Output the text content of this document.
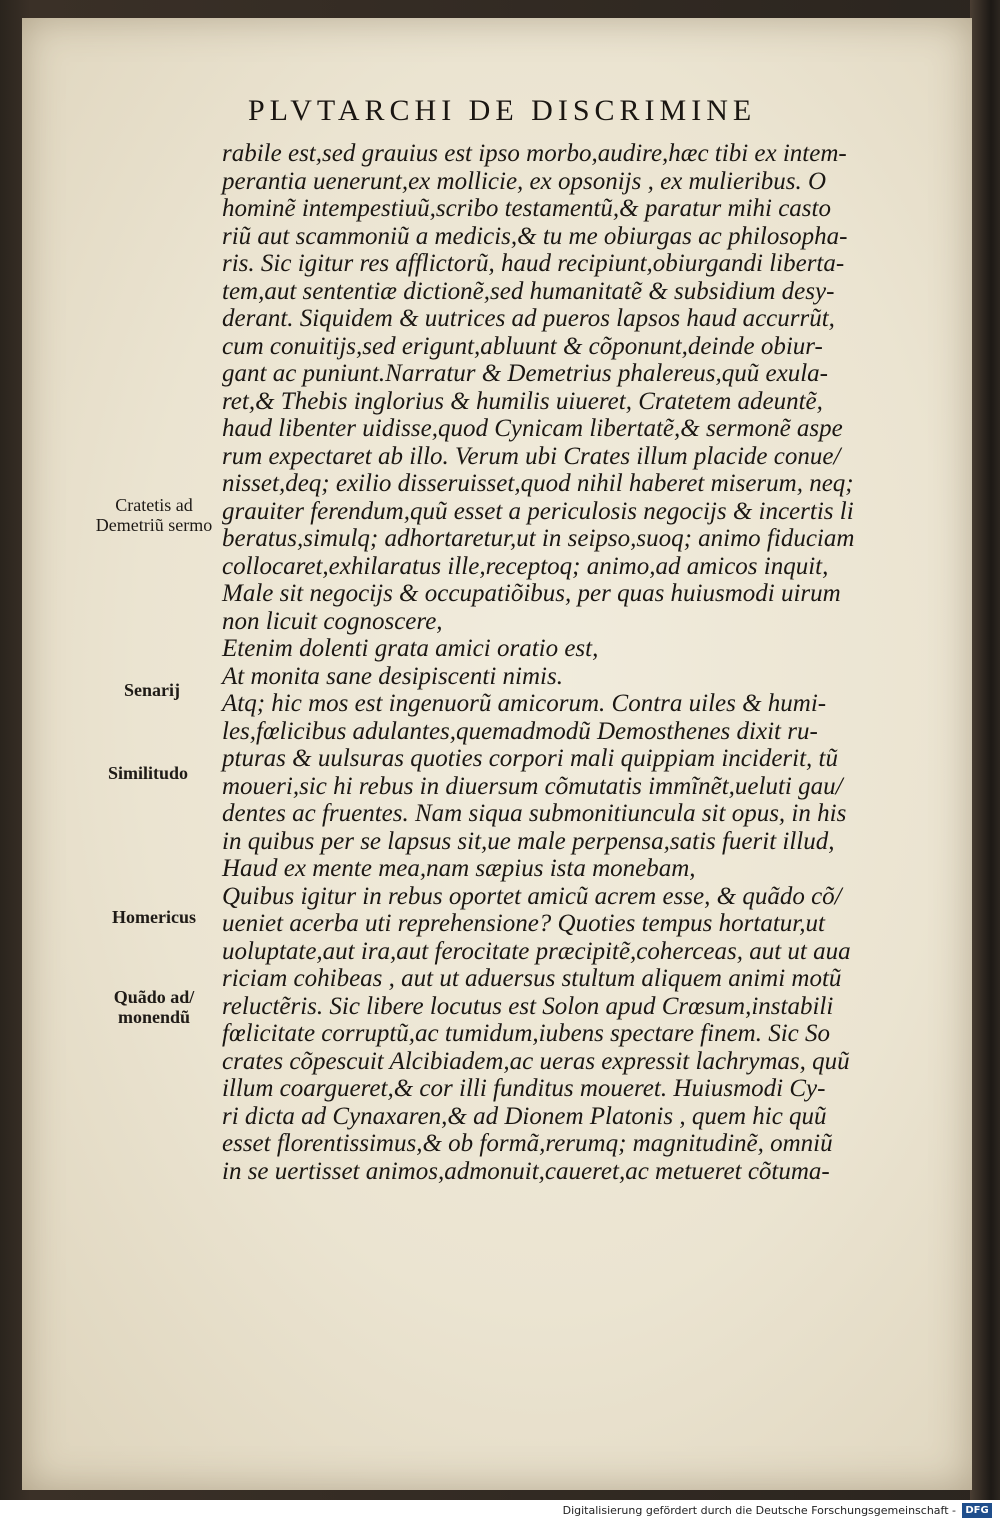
PLVTARCHI DE DISCRIMINE
rabile est,sed grauius est ipso morbo,audire,hæc tibi ex intem-
perantia uenerunt,ex mollicie, ex opsonijs , ex mulieribus. O
hominẽ intempestiuũ,scribo testamentũ,& paratur mihi casto
riũ aut scammoniũ a medicis,& tu me obiurgas ac philosopha-
ris. Sic igitur res afflictorũ, haud recipiunt,obiurgandi liberta-
tem,aut sententiæ dictionẽ,sed humanitatẽ & subsidium desy-
derant. Siquidem & uutrices ad pueros lapsos haud accurrũt,
cum conuitijs,sed erigunt,abluunt & cõponunt,deinde obiur-
gant ac puniunt.Narratur & Demetrius phalereus,quũ exula-
ret,& Thebis inglorius & humilis uiueret, Cratetem adeuntẽ,
haud libenter uidisse,quod Cynicam libertatẽ,& sermonẽ aspe
rum expectaret ab illo. Verum ubi Crates illum placide conue/
nisset,deq; exilio disseruisset,quod nihil haberet miserum, neq;
grauiter ferendum,quũ esset a periculosis negocijs & incertis li
beratus,simulq; adhortaretur,ut in seipso,suoq; animo fiduciam
collocaret,exhilaratus ille,receptoq; animo,ad amicos inquit,
Male sit negocijs & occupatiõibus, per quas huiusmodi uirum
non licuit cognoscere,
Etenim dolenti grata amici oratio est,
At monita sane desipiscenti nimis.
Atq; hic mos est ingenuorũ amicorum. Contra uiles & humi-
les,fœlicibus adulantes,quemadmodũ Demosthenes dixit ru-
pturas & uulsuras quoties corpori mali quippiam inciderit, tũ
moueri,sic hi rebus in diuersum cõmutatis immĩnẽt,ueluti gau/
dentes ac fruentes. Nam siqua submonitiuncula sit opus, in his
in quibus per se lapsus sit,ue male perpensa,satis fuerit illud,
Haud ex mente mea,nam sæpius ista monebam,
Quibus igitur in rebus oportet amicũ acrem esse, & quãdo cõ/
ueniet acerba uti reprehensione? Quoties tempus hortatur,ut
uoluptate,aut ira,aut ferocitate præcipitẽ,coherceas, aut ut aua
riciam cohibeas , aut ut aduersus stultum aliquem animi motũ
reluctẽris. Sic libere locutus est Solon apud Crœsum,instabili
fœlicitate corruptũ,ac tumidum,iubens spectare finem. Sic So
crates cõpescuit Alcibiadem,ac ueras expressit lachrymas, quũ
illum coargueret,& cor illi funditus moueret. Huiusmodi Cy-
ri dicta ad Cynaxaren,& ad Dionem Platonis , quem hic quũ
esset florentissimus,& ob formã,rerumq; magnitudinẽ, omniũ
in se uertisset animos,admonuit,caueret,ac metueret cõtuma-
Cratetis ad Demetriũ sermo
Senarij
Similitudo
Homericus
Quãdo ad/ monendũ
Digitalisierung gefördert durch die Deutsche Forschungsgemeinschaft - DFG
